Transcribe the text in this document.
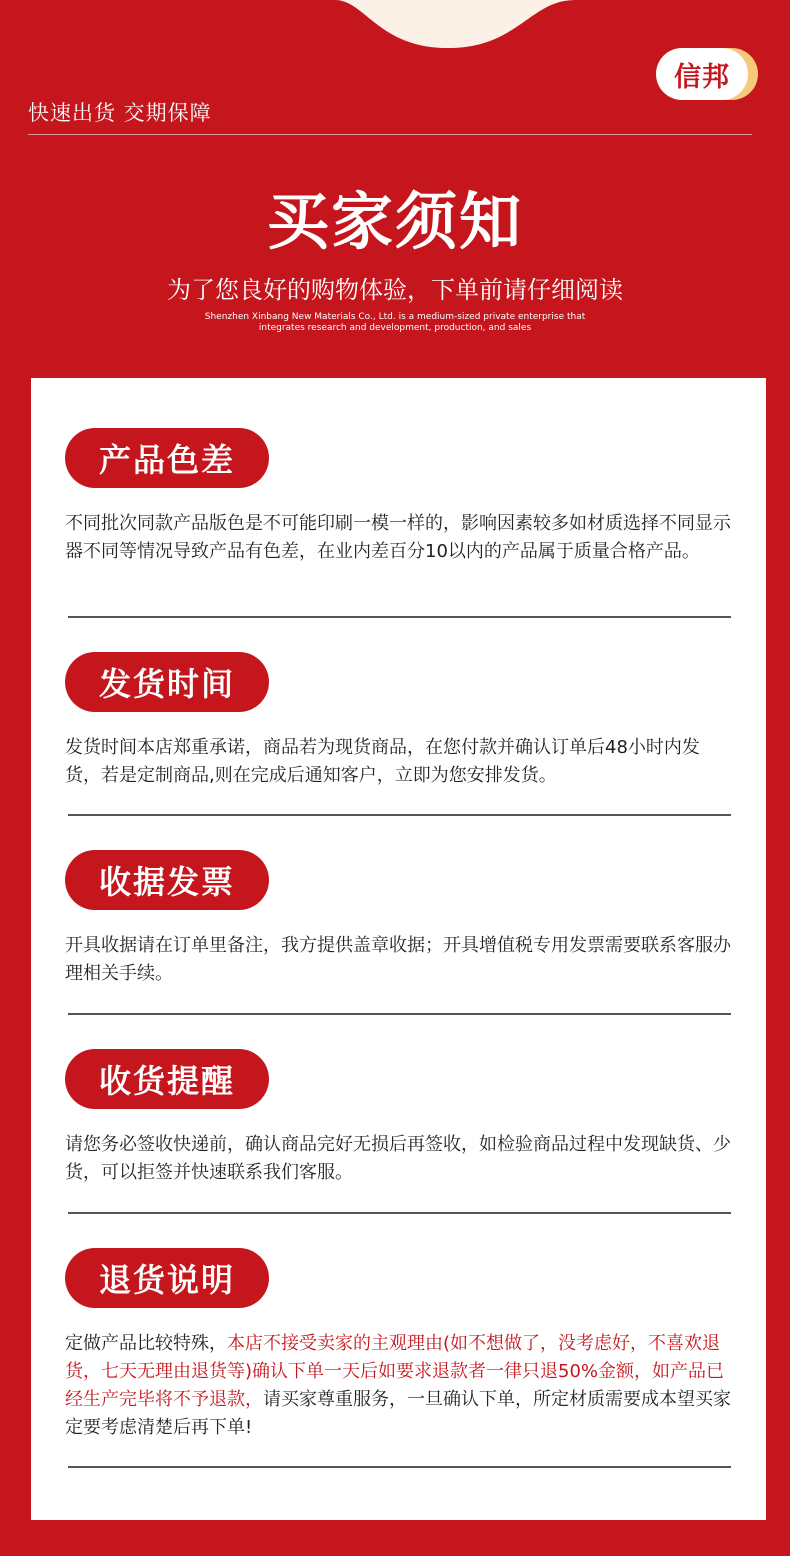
快速出货 交期保障
信邦
买家须知
为了您良好的购物体验，下单前请仔细阅读
Shenzhen Xinbang New Materials Co., Ltd. is a medium-sized private enterprise that
integrates research and development, production, and sales
产品色差
不同批次同款产品版色是不可能印刷一模一样的，影响因素较多如材质选择不同显示器不同等情况导致产品有色差，在业内差百分10以内的产品属于质量合格产品。
发货时间
发货时间本店郑重承诺，商品若为现货商品，在您付款并确认订单后48小时内发货，若是定制商品,则在完成后通知客户，立即为您安排发货。
收据发票
开具收据请在订单里备注，我方提供盖章收据；开具增值税专用发票需要联系客服办理相关手续。
收货提醒
请您务必签收快递前，确认商品完好无损后再签收，如检验商品过程中发现缺货、少货，可以拒签并快速联系我们客服。
退货说明
定做产品比较特殊，本店不接受卖家的主观理由(如不想做了，没考虑好，不喜欢退货，七天无理由退货等)确认下单一天后如要求退款者一律只退50%金额，如产品已经生产完毕将不予退款，请买家尊重服务，一旦确认下单，所定材质需要成本望买家定要考虑清楚后再下单!
